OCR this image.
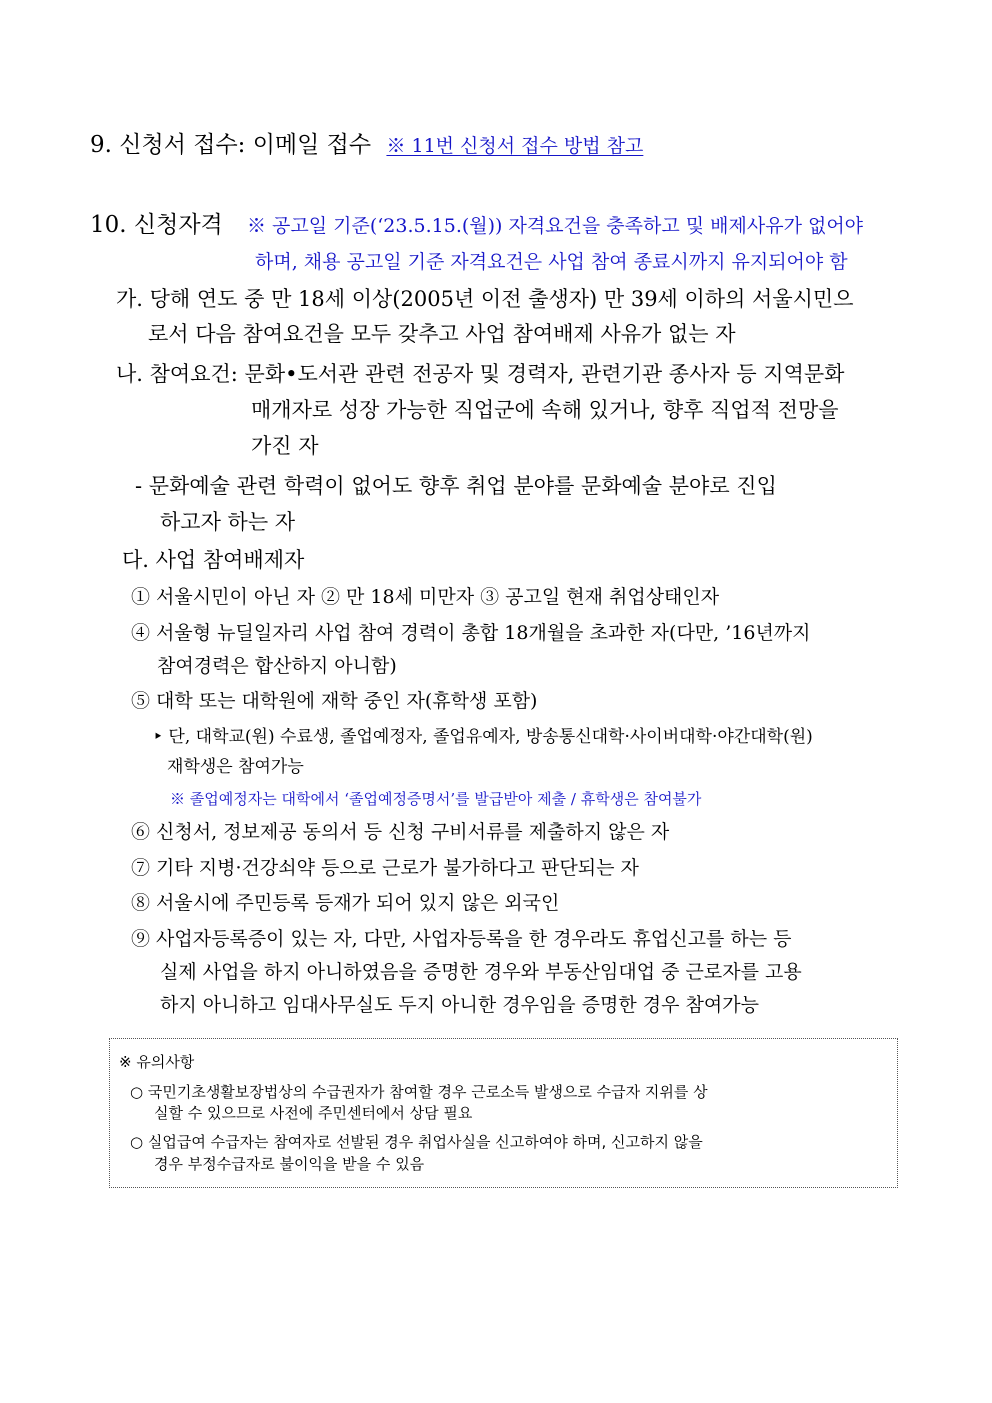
9. 신청서 접수: 이메일 접수 ※ 11번 신청서 접수 방법 참고
10. 신청자격 ※ 공고일 기준(‘23.5.15.(월)) 자격요건을 충족하고 및 배제사유가 없어야
하며, 채용 공고일 기준 자격요건은 사업 참여 종료시까지 유지되어야 함
가. 당해 연도 중 만 18세 이상(2005년 이전 출생자) 만 39세 이하의 서울시민으
로서 다음 참여요건을 모두 갖추고 사업 참여배제 사유가 없는 자
나. 참여요건: 문화•도서관 관련 전공자 및 경력자, 관련기관 종사자 등 지역문화
매개자로 성장 가능한 직업군에 속해 있거나, 향후 직업적 전망을
가진 자
- 문화예술 관련 학력이 없어도 향후 취업 분야를 문화예술 분야로 진입
하고자 하는 자
다. 사업 참여배제자
① 서울시민이 아닌 자 ② 만 18세 미만자 ③ 공고일 현재 취업상태인자
④ 서울형 뉴딜일자리 사업 참여 경력이 총합 18개월을 초과한 자(다만, ’16년까지
참여경력은 합산하지 아니함)
⑤ 대학 또는 대학원에 재학 중인 자(휴학생 포함)
‣ 단, 대학교(원) 수료생, 졸업예정자, 졸업유예자, 방송통신대학·사이버대학·야간대학(원)
재학생은 참여가능
※ 졸업예정자는 대학에서 ‘졸업예정증명서’를 발급받아 제출 / 휴학생은 참여불가
⑥ 신청서, 정보제공 동의서 등 신청 구비서류를 제출하지 않은 자
⑦ 기타 지병·건강쇠약 등으로 근로가 불가하다고 판단되는 자
⑧ 서울시에 주민등록 등재가 되어 있지 않은 외국인
⑨ 사업자등록증이 있는 자, 다만, 사업자등록을 한 경우라도 휴업신고를 하는 등
실제 사업을 하지 아니하였음을 증명한 경우와 부동산임대업 중 근로자를 고용
하지 아니하고 임대사무실도 두지 아니한 경우임을 증명한 경우 참여가능
※ 유의사항
○ 국민기초생활보장법상의 수급권자가 참여할 경우 근로소득 발생으로 수급자 지위를 상
실할 수 있으므로 사전에 주민센터에서 상담 필요
○ 실업급여 수급자는 참여자로 선발된 경우 취업사실을 신고하여야 하며, 신고하지 않을
경우 부정수급자로 불이익을 받을 수 있음
